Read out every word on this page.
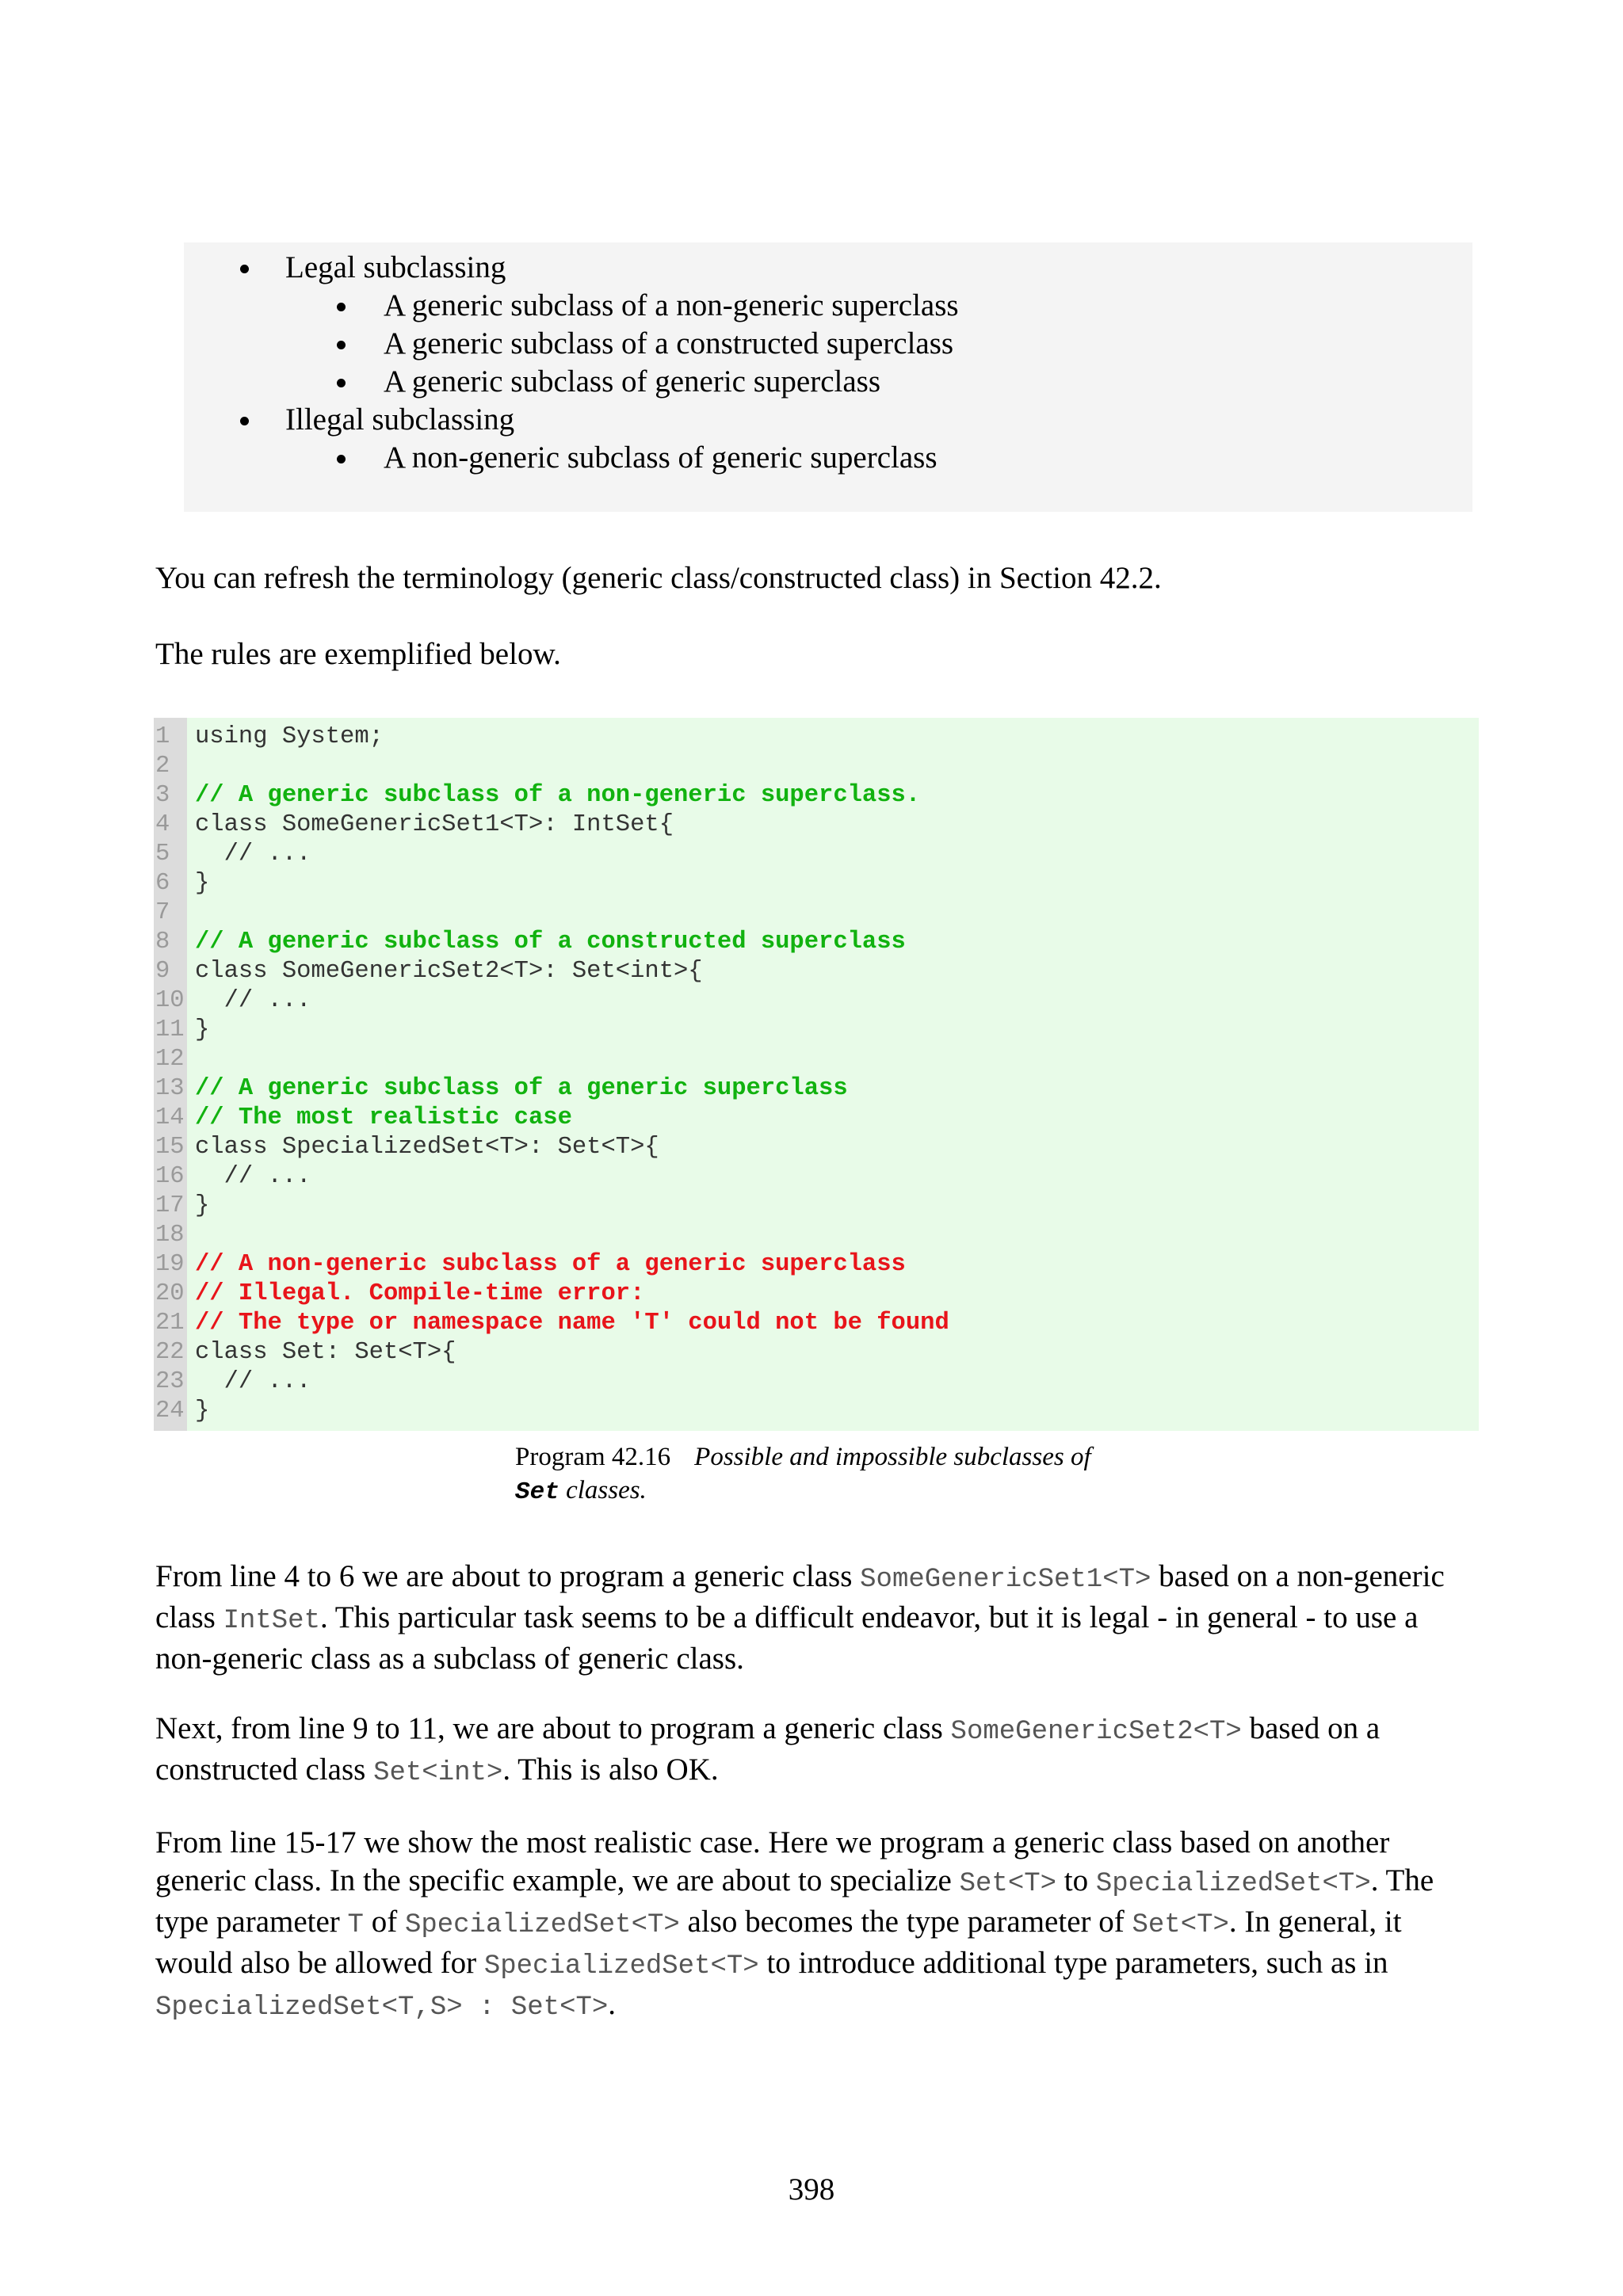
Legal subclassing
A generic subclass of a non-generic superclass
A generic subclass of a constructed superclass
A generic subclass of generic superclass
Illegal subclassing
A non-generic subclass of generic superclass

You can refresh the terminology (generic class/constructed class) in Section 42.2.

The rules are exemplified below.

1	using System;
2
3	// A generic subclass of a non-generic superclass.
4	class SomeGenericSet1<T>: IntSet{
5	// ...
6	}
7
8	// A generic subclass of a constructed superclass
9	class SomeGenericSet2<T>: Set<int>{
10 // ...
11 }
12
13 // A generic subclass of a generic superclass
14 // The most realistic case
15 class SpecializedSet<T>: Set<T>{
16 // ...
17 }
18
19 // A non-generic subclass of a generic superclass
20 // Illegal. Compile-time error:
21 // The type or namespace name 'T' could not be found
22 class Set: Set<T>{
23 // ...
24 }
Program 42.16 Possible and impossible subclasses of
Set classes.

From line 4 to 6 we are about to program a generic class SomeGenericSet1<T> based on a non-generic class IntSet. This particular task seems to be a difficult endeavor, but it is legal - in general - to use a non-generic class as a subclass of generic class.

Next, from line 9 to 11, we are about to program a generic class SomeGenericSet2<T> based on a constructed class Set<int>. This is also OK.

From line 15-17 we show the most realistic case. Here we program a generic class based on another generic class. In the specific example, we are about to specialize Set<T> to SpecializedSet<T>. The type parameter T of SpecializedSet<T> also becomes the type parameter of Set<T>. In general, it would also be allowed for SpecializedSet<T> to introduce additional type parameters, such as in SpecializedSet<T,S> : Set<T>.

398
